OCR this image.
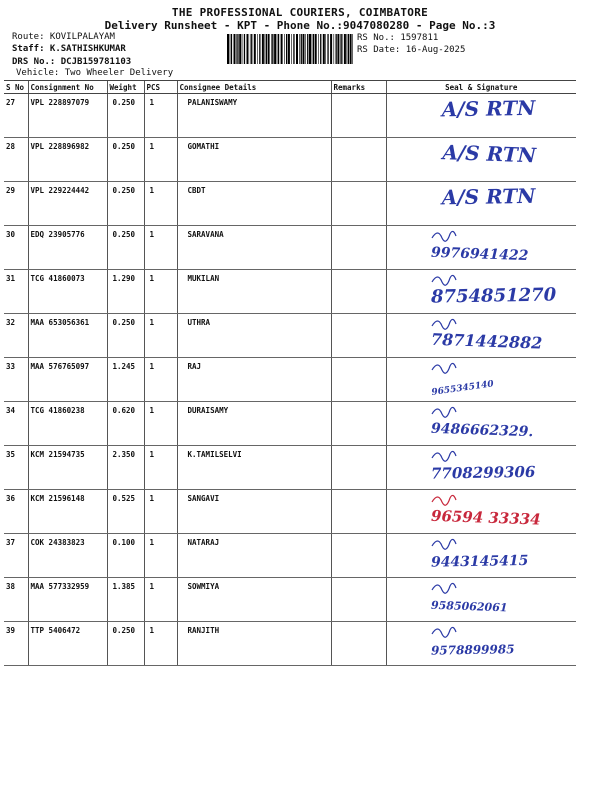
THE PROFESSIONAL COURIERS, COIMBATORE
Delivery Runsheet - KPT - Phone No.:9047080280 - Page No.:3
Route: KOVILPALAYAM
Staff: K.SATHISHKUMAR
DRS No.: DCJB159781103
Vehicle: Two Wheeler Delivery
RS No.: 1597811
RS Date: 16-Aug-2025
S No	Consignment No	Weight	PCS	Consignee Details	Remarks	Seal & Signature
27	VPL 228897079	0.250	1	PALANISWAMY		A/S RTN

28	VPL 228896982	0.250	1	GOMATHI		A/S RTN

29	VPL 229224442	0.250	1	CBDT		A/S RTN

30	EDQ 23905776	0.250	1	SARAVANA		9976941422

31	TCG 41860073	1.290	1	MUKILAN		8754851270

32	MAA 653056361	0.250	1	UTHRA		7871442882

33	MAA 576765097	1.245	1	RAJ		9655345140

34	TCG 41860238	0.620	1	DURAISAMY		9486662329.

35	KCM 21594735	2.350	1	K.TAMILSELVI		7708299306

36	KCM 21596148	0.525	1	SANGAVI		96594 33334

37	COK 24383823	0.100	1	NATARAJ		9443145415

38	MAA 577332959	1.385	1	SOWMIYA		9585062061

39	TTP 5406472	0.250	1	RANJITH		9578899985
